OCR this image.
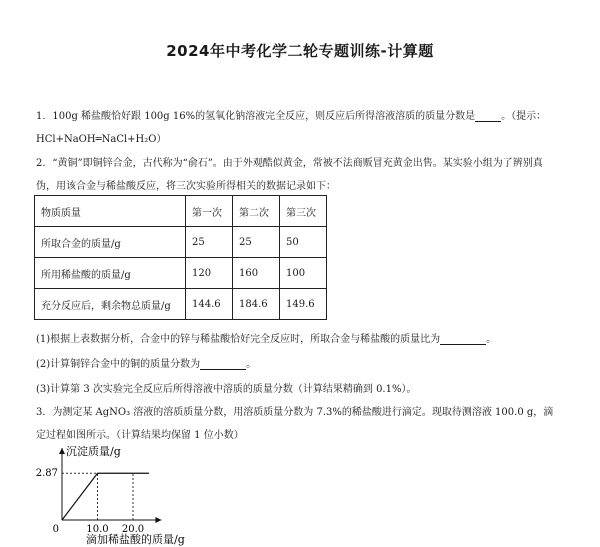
2024年中考化学二轮专题训练-计算题
1．100g 稀盐酸恰好跟 100g 16%的氢氧化钠溶液完全反应，则反应后所得溶液溶质的质量分数是	。（提示：
HCl+NaOH═NaCl+H₂O）
2．“黄铜”即铜锌合金，古代称为“俞石”。由于外观酷似黄金，常被不法商贩冒充黄金出售。某实验小组为了辨别真
伪，用该合金与稀盐酸反应，将三次实验所得相关的数据记录如下：
物质质量	第一次	第二次	第三次
所取合金的质量/g	25	25	50
所用稀盐酸的质量/g	120	160	100
充分反应后，剩余物总质量/g	144.6	184.6	149.6
(1)根据上表数据分析，合金中的锌与稀盐酸恰好完全反应时，所取合金与稀盐酸的质量比为	。
(2)计算铜锌合金中的铜的质量分数为	。
(3)计算第 3 次实验完全反应后所得溶液中溶质的质量分数（计算结果精确到 0.1%）。
3．为测定某 AgNO₃ 溶液的溶质质量分数，用溶质质量分数为 7.3%的稀盐酸进行滴定。现取待测溶液 100.0 g，滴
定过程如图所示。（计算结果均保留 1 位小数）
沉淀质量/g
滴加稀盐酸的质量/g
0
2.87
10.0 20.0
